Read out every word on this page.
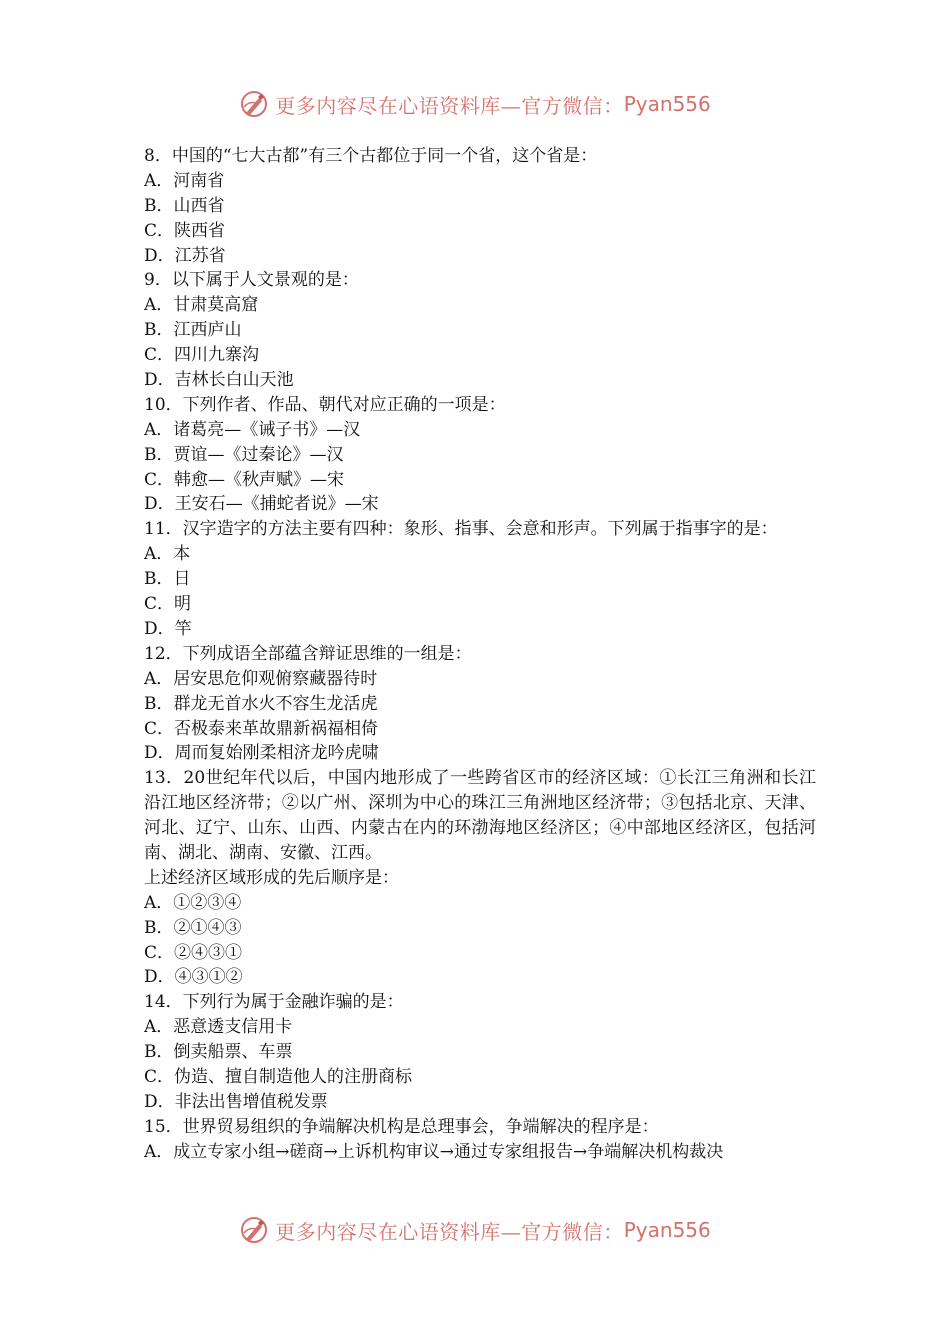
更多内容尽在心语资料库—官方微信： Pyan556
8．中国的“七大古都”有三个古都位于同一个省，这个省是：
A．河南省
B．山西省
C．陕西省
D．江苏省
9．以下属于人文景观的是：
A．甘肃莫高窟
B．江西庐山
C．四川九寨沟
D．吉林长白山天池
10．下列作者、作品、朝代对应正确的一项是：
A．诸葛亮—《诫子书》—汉
B．贾谊—《过秦论》—汉
C．韩愈—《秋声赋》—宋
D．王安石—《捕蛇者说》—宋
11．汉字造字的方法主要有四种：象形、指事、会意和形声。下列属于指事字的是：
A．本
B．日
C．明
D．竿
12．下列成语全部蕴含辩证思维的一组是：
A．居安思危仰观俯察藏器待时
B．群龙无首水火不容生龙活虎
C．否极泰来革故鼎新祸福相倚
D．周而复始刚柔相济龙吟虎啸
13．20世纪年代以后，中国内地形成了一些跨省区市的经济区域：①长江三角洲和长江沿江地区经济带；②以广州、深圳为中心的珠江三角洲地区经济带；③包括北京、天津、河北、辽宁、山东、山西、内蒙古在内的环渤海地区经济区；④中部地区经济区，包括河南、湖北、湖南、安徽、江西。
上述经济区域形成的先后顺序是：
A．①②③④
B．②①④③
C．②④③①
D．④③①②
14．下列行为属于金融诈骗的是：
A．恶意透支信用卡
B．倒卖船票、车票
C．伪造、擅自制造他人的注册商标
D．非法出售增值税发票
15．世界贸易组织的争端解决机构是总理事会，争端解决的程序是：
A．成立专家小组→磋商→上诉机构审议→通过专家组报告→争端解决机构裁决
更多内容尽在心语资料库—官方微信： Pyan556
